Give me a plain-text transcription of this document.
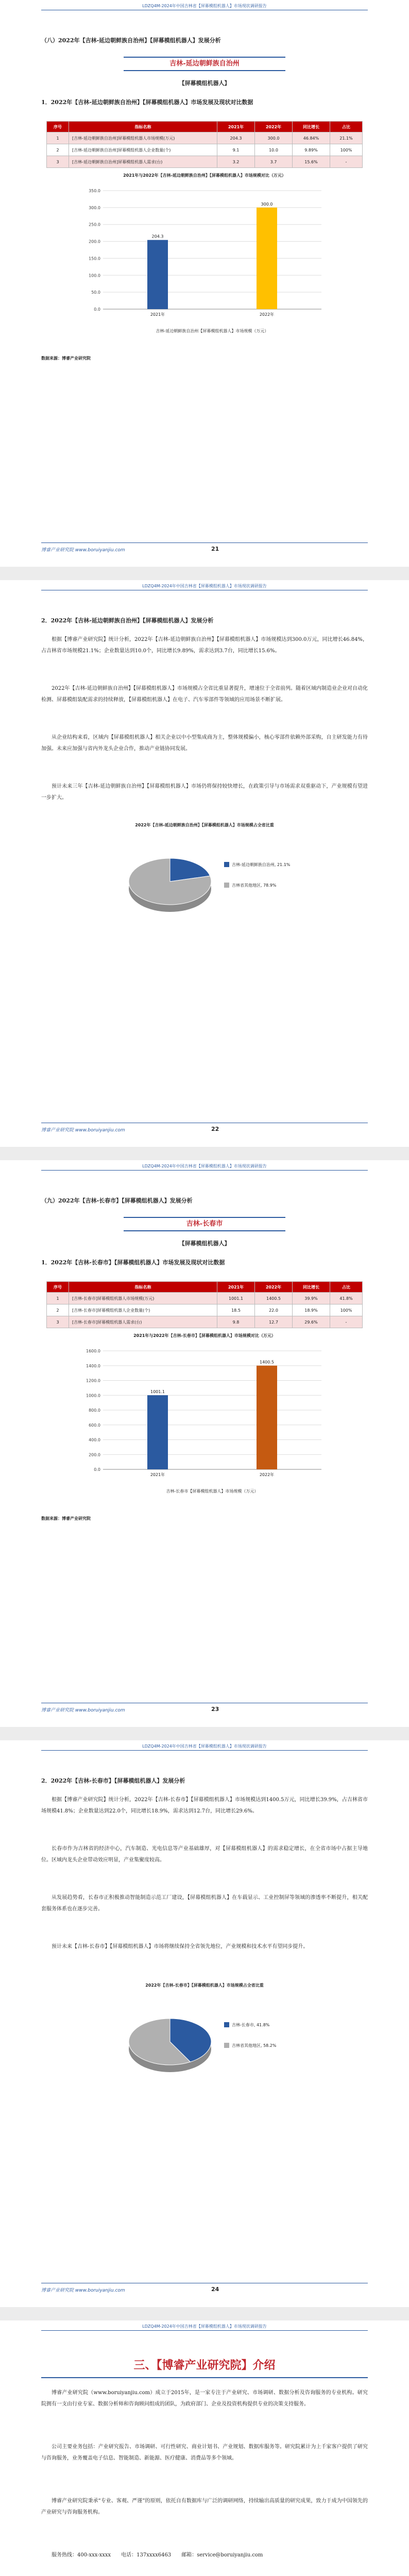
LDZQ4M-2024年中国吉林省【屏幕模组机器人】市场现状调研报告
（八）2022年【吉林-延边朝鲜族自治州】【屏幕模组机器人】发展分析
吉林-延边朝鲜族自治州
【屏幕模组机器人】
1．2022年【吉林-延边朝鲜族自治州】【屏幕模组机器人】市场发展及现状对比数据
序号	指标名称	2021年	2022年	同比增长	占比
1	[吉林-延边朝鲜族自治州]屏幕模组机器人市场规模(万元)	204.3	300.0	46.84%	21.1%
2	[吉林-延边朝鲜族自治州]屏幕模组机器人企业数量(个)	9.1	10.0	9.89%	100%
3	[吉林-延边朝鲜族自治州]屏幕模组机器人需求(台)	3.2	3.7	15.6%	-
2021年与2022年【吉林-延边朝鲜族自治州】【屏幕模组机器人】市场规模对比（万元）
0.0
50.0
100.0
150.0
200.0
250.0
300.0
350.0
204.3
2021年
300.0
2022年
吉林-延边朝鲜族自治州【屏幕模组机器人】市场规模（万元）
数据来源：博睿产业研究院
博睿产业研究院 www.boruiyanjiu.com	21
LDZQ4M-2024年中国吉林省【屏幕模组机器人】市场现状调研报告
2．2022年【吉林-延边朝鲜族自治州】【屏幕模组机器人】发展分析
根据【博睿产业研究院】统计分析，2022年【吉林-延边朝鲜族自治州】【屏幕模组机器人】市场规模达到300.0万元，同比增长46.84%，占吉林省市场规模21.1%；企业数量达到10.0个，同比增长9.89%，需求达到3.7台，同比增长15.6%。
2022年【吉林-延边朝鲜族自治州】【屏幕模组机器人】市场规模占全省比重显著提升，增速位于全省前列。随着区域内制造业企业对自动化检测、屏幕模组装配需求的持续释放，【屏幕模组机器人】在电子、汽车零部件等领域的应用场景不断扩展。
从企业结构来看，区域内【屏幕模组机器人】相关企业以中小型集成商为主，整体规模偏小，核心零部件依赖外部采购，自主研发能力有待加强。未来应加强与省内外龙头企业合作，推动产业链协同发展。
预计未来三年【吉林-延边朝鲜族自治州】【屏幕模组机器人】市场仍将保持较快增长，在政策引导与市场需求双重驱动下，产业规模有望进一步扩大。
2022年【吉林-延边朝鲜族自治州】【屏幕模组机器人】市场规模占全省比重
吉林-延边朝鲜族自治州, 21.1%
吉林省其他地区, 78.9%
博睿产业研究院 www.boruiyanjiu.com	22
LDZQ4M-2024年中国吉林省【屏幕模组机器人】市场现状调研报告
（九）2022年【吉林-长春市】【屏幕模组机器人】发展分析
吉林-长春市
【屏幕模组机器人】
1．2022年【吉林-长春市】【屏幕模组机器人】市场发展及现状对比数据
序号	指标名称	2021年	2022年	同比增长	占比
1	[吉林-长春市]屏幕模组机器人市场规模(万元)	1001.1	1400.5	39.9%	41.8%
2	[吉林-长春市]屏幕模组机器人企业数量(个)	18.5	22.0	18.9%	100%
3	[吉林-长春市]屏幕模组机器人需求(台)	9.8	12.7	29.6%	-
2021年与2022年【吉林-长春市】【屏幕模组机器人】市场规模对比（万元）
0.0
200.0
400.0
600.0
800.0
1000.0
1200.0
1400.0
1600.0
1001.1
2021年
1400.5
2022年
吉林-长春市【屏幕模组机器人】市场规模（万元）
数据来源：博睿产业研究院
博睿产业研究院 www.boruiyanjiu.com	23
LDZQ4M-2024年中国吉林省【屏幕模组机器人】市场现状调研报告
2．2022年【吉林-长春市】【屏幕模组机器人】发展分析
根据【博睿产业研究院】统计分析，2022年【吉林-长春市】【屏幕模组机器人】市场规模达到1400.5万元，同比增长39.9%，占吉林省市场规模41.8%；企业数量达到22.0个，同比增长18.9%，需求达到12.7台，同比增长29.6%。
长春市作为吉林省的经济中心，汽车制造、光电信息等产业基础雄厚，对【屏幕模组机器人】的需求稳定增长，在全省市场中占据主导地位。区域内龙头企业带动效应明显，产业集聚度较高。
从发展趋势看，长春市正积极推动智能制造示范工厂建设，【屏幕模组机器人】在车载显示、工业控制屏等领域的渗透率不断提升，相关配套服务体系也在逐步完善。
预计未来【吉林-长春市】【屏幕模组机器人】市场将继续保持全省领先地位，产业规模和技术水平有望同步提升。
2022年【吉林-长春市】【屏幕模组机器人】市场规模占全省比重
吉林-长春市, 41.8%
吉林省其他地区, 58.2%
博睿产业研究院 www.boruiyanjiu.com	24
LDZQ4M-2024年中国吉林省【屏幕模组机器人】市场现状调研报告
三、【博睿产业研究院】介绍
博睿产业研究院（www.boruiyanjiu.com）成立于2015年，是一家专注于产业研究、市场调研、数据分析及咨询服务的专业机构。研究院拥有一支由行业专家、数据分析师和咨询顾问组成的团队，为政府部门、企业及投资机构提供专业的决策支持服务。
公司主要业务包括：产业研究报告、市场调研、可行性研究、商业计划书、产业规划、数据库服务等。研究院累计为上千家客户提供了研究与咨询服务，业务覆盖电子信息、智能制造、新能源、医疗健康、消费品等多个领域。
博睿产业研究院秉承“专业、客观、严谨”的原则，依托自有数据库与广泛的调研网络，持续输出高质量的研究成果，致力于成为中国领先的产业研究与咨询服务机构。
服务热线：400-xxx-xxxx　　电话：137xxxx6463　　邮箱：service@boruiyanjiu.com
